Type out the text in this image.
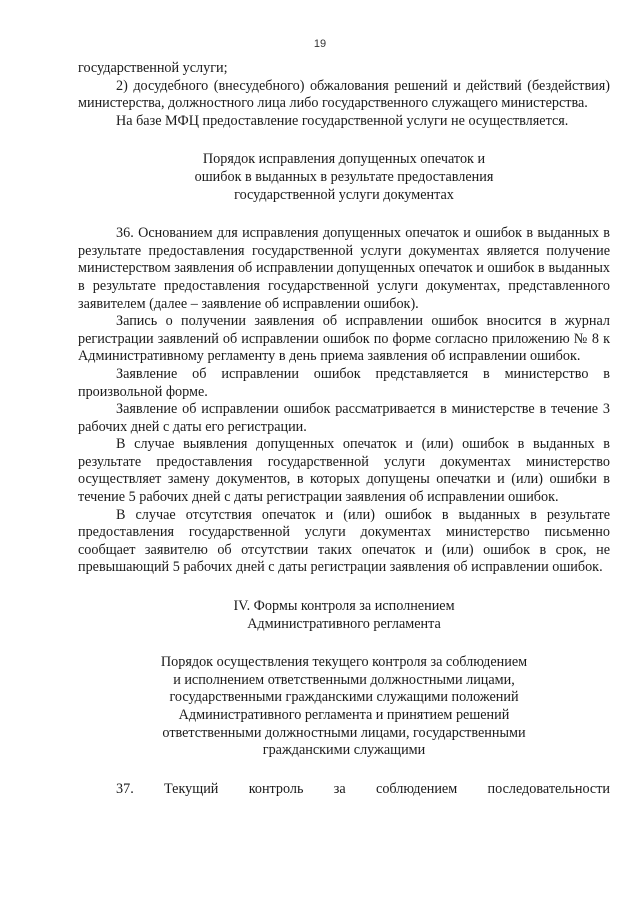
19

государственной услуги;

2) досудебного (внесудебного) обжалования решений и действий (бездействия) министерства, должностного лица либо государственного служащего министерства.

На базе МФЦ предоставление государственной услуги не осуществляется.

Порядок исправления допущенных опечаток и
ошибок в выданных в результате предоставления
государственной услуги документах

36. Основанием для исправления допущенных опечаток и ошибок в выданных в результате предоставления государственной услуги документах является получение министерством заявления об исправлении допущенных опечаток и ошибок в выданных в результате предоставления государственной услуги документах, представленного заявителем (далее – заявление об исправлении ошибок).

Запись о получении заявления об исправлении ошибок вносится в журнал регистрации заявлений об исправлении ошибок по форме согласно приложению № 8 к Административному регламенту в день приема заявления об исправлении ошибок.

Заявление об исправлении ошибок представляется в министерство в произвольной форме.

Заявление об исправлении ошибок рассматривается в министерстве в течение 3 рабочих дней с даты его регистрации.

В случае выявления допущенных опечаток и (или) ошибок в выданных в результате предоставления государственной услуги документах министерство осуществляет замену документов, в которых допущены опечатки и (или) ошибки в течение 5 рабочих дней с даты регистрации заявления об исправлении ошибок.

В случае отсутствия опечаток и (или) ошибок в выданных в результате предоставления государственной услуги документах министерство письменно сообщает заявителю об отсутствии таких опечаток и (или) ошибок в срок, не превышающий 5 рабочих дней с даты регистрации заявления об исправлении ошибок.

IV. Формы контроля за исполнением
Административного регламента
Порядок осуществления текущего контроля за соблюдением
и исполнением ответственными должностными лицами,
государственными гражданскими служащими положений
Административного регламента и принятием решений
ответственными должностными лицами, государственными
гражданскими служащими

37. Текущий контроль за соблюдением последовательности
